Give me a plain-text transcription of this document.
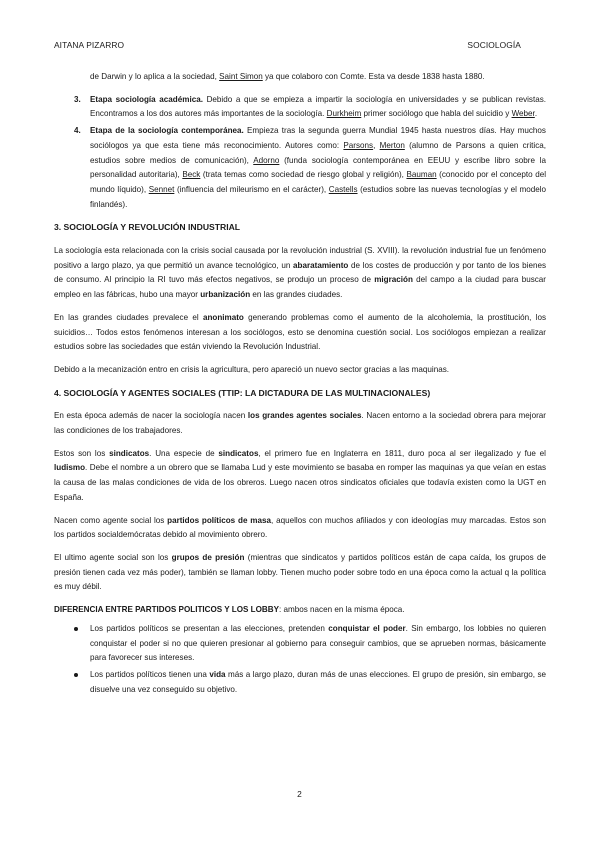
AITANA PIZARRO	SOCIOLOGÍA

de Darwin y lo aplica a la sociedad, Saint Simon ya que colaboro con Comte. Esta va desde 1838 hasta 1880.

3. Etapa sociología académica. Debido a que se empieza a impartir la sociología en universidades y se publican revistas. Encontramos a los dos autores más importantes de la sociología. Durkheim primer sociólogo que habla del suicidio y Weber.

4. Etapa de la sociología contemporánea. Empieza tras la segunda guerra Mundial 1945 hasta nuestros días. Hay muchos sociólogos ya que esta tiene más reconocimiento. Autores como: Parsons, Merton (alumno de Parsons a quien critica, estudios sobre medios de comunicación), Adorno (funda sociología contemporánea en EEUU y escribe libro sobre la personalidad autoritaria), Beck (trata temas como sociedad de riesgo global y religión), Bauman (conocido por el concepto del mundo líquido), Sennet (influencia del mileurismo en el carácter), Castells (estudios sobre las nuevas tecnologías y el modelo finlandés).

3. SOCIOLOGÍA Y REVOLUCIÓN INDUSTRIAL

La sociología esta relacionada con la crisis social causada por la revolución industrial (S. XVIII). la revolución industrial fue un fenómeno positivo a largo plazo, ya que permitió un avance tecnológico, un abaratamiento de los costes de producción y por tanto de los bienes de consumo. Al principio la RI tuvo más efectos negativos, se produjo un proceso de migración del campo a la ciudad para buscar empleo en las fábricas, hubo una mayor urbanización en las grandes ciudades.

En las grandes ciudades prevalece el anonimato generando problemas como el aumento de la alcoholemia, la prostitución, los suicidios… Todos estos fenómenos interesan a los sociólogos, esto se denomina cuestión social. Los sociólogos empiezan a realizar estudios sobre las sociedades que están viviendo la Revolución Industrial.

Debido a la mecanización entro en crisis la agricultura, pero apareció un nuevo sector gracias a las maquinas.

4. SOCIOLOGÍA Y AGENTES SOCIALES (TTIP: LA DICTADURA DE LAS MULTINACIONALES)

En esta época además de nacer la sociología nacen los grandes agentes sociales. Nacen entorno a la sociedad obrera para mejorar las condiciones de los trabajadores.

Estos son los sindicatos. Una especie de sindicatos, el primero fue en Inglaterra en 1811, duro poca al ser ilegalizado y fue el ludismo. Debe el nombre a un obrero que se llamaba Lud y este movimiento se basaba en romper las maquinas ya que veían en estas la causa de las malas condiciones de vida de los obreros. Luego nacen otros sindicatos oficiales que todavía existen como la UGT en España.

Nacen como agente social los partidos políticos de masa, aquellos con muchos afiliados y con ideologías muy marcadas. Estos son los partidos socialdemócratas debido al movimiento obrero.

El ultimo agente social son los grupos de presión (mientras que sindicatos y partidos políticos están de capa caída, los grupos de presión tienen cada vez más poder), también se llaman lobby. Tienen mucho poder sobre todo en una época como la actual q la política es muy débil.

DIFERENCIA ENTRE PARTIDOS POLITICOS Y LOS LOBBY: ambos nacen en la misma época.

Los partidos políticos se presentan a las elecciones, pretenden conquistar el poder. Sin embargo, los lobbies no quieren conquistar el poder si no que quieren presionar al gobierno para conseguir cambios, que se aprueben normas, básicamente para favorecer sus intereses.
Los partidos políticos tienen una vida más a largo plazo, duran más de unas elecciones. El grupo de presión, sin embargo, se disuelve una vez conseguido su objetivo.
2
